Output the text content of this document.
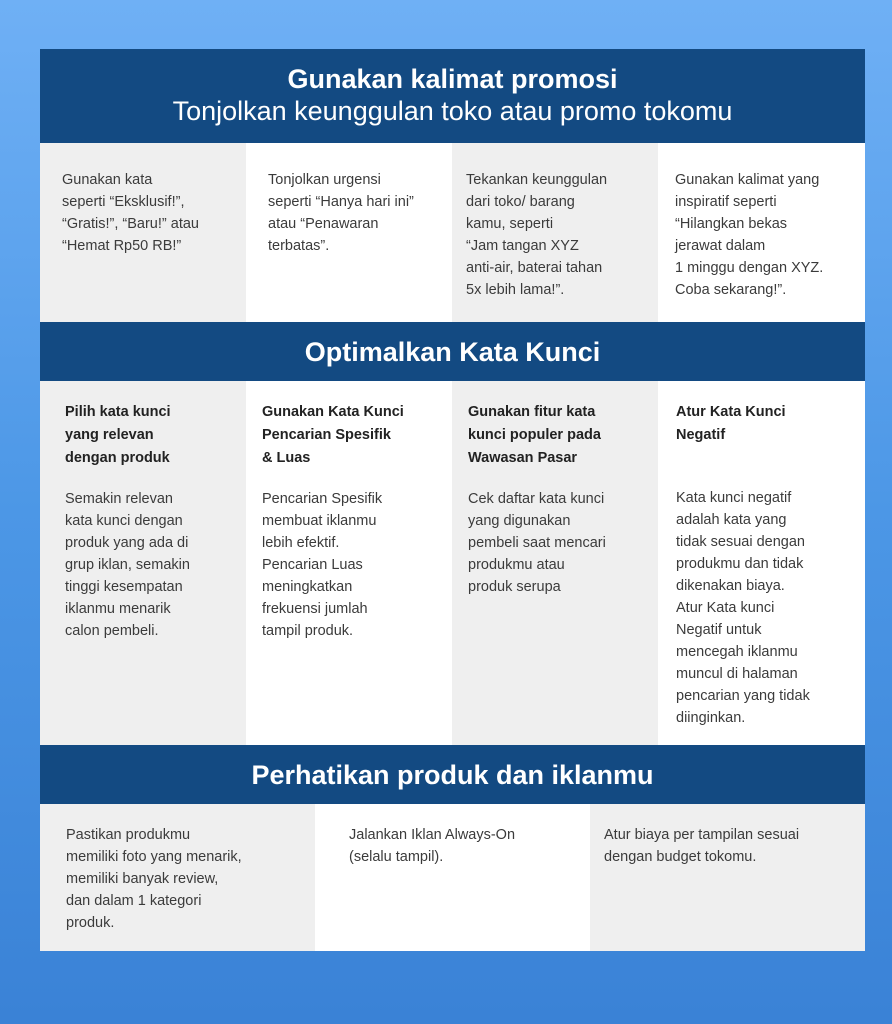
Gunakan kalimat promosi
Tonjolkan keunggulan toko atau promo tokomu
Gunakan kata
seperti “Eksklusif!”,
“Gratis!”, “Baru!” atau
“Hemat Rp50 RB!”
Tonjolkan urgensi
seperti “Hanya hari ini”
atau “Penawaran
terbatas”.
Tekankan keunggulan
dari toko/ barang
kamu, seperti
“Jam tangan XYZ
anti-air, baterai tahan
5x lebih lama!”.
Gunakan kalimat yang
inspiratif seperti
“Hilangkan bekas
jerawat dalam
1 minggu dengan XYZ.
Coba sekarang!”.
Optimalkan Kata Kunci
Pilih kata kunci
yang relevan
dengan produk
Semakin relevan
kata kunci dengan
produk yang ada di
grup iklan, semakin
tinggi kesempatan
iklanmu menarik
calon pembeli.
Gunakan Kata Kunci
Pencarian Spesifik
& Luas
Pencarian Spesifik
membuat iklanmu
lebih efektif.
Pencarian Luas
meningkatkan
frekuensi jumlah
tampil produk.
Gunakan fitur kata
kunci populer pada
Wawasan Pasar
Cek daftar kata kunci
yang digunakan
pembeli saat mencari
produkmu atau
produk serupa
Atur Kata Kunci
Negatif
Kata kunci negatif
adalah kata yang
tidak sesuai dengan
produkmu dan tidak
dikenakan biaya.
Atur Kata kunci
Negatif untuk
mencegah iklanmu
muncul di halaman
pencarian yang tidak
diinginkan.
Perhatikan produk dan iklanmu
Pastikan produkmu
memiliki foto yang menarik,
memiliki banyak review,
dan dalam 1 kategori
produk.
Jalankan Iklan Always-On
(selalu tampil).
Atur biaya per tampilan sesuai
dengan budget tokomu.
